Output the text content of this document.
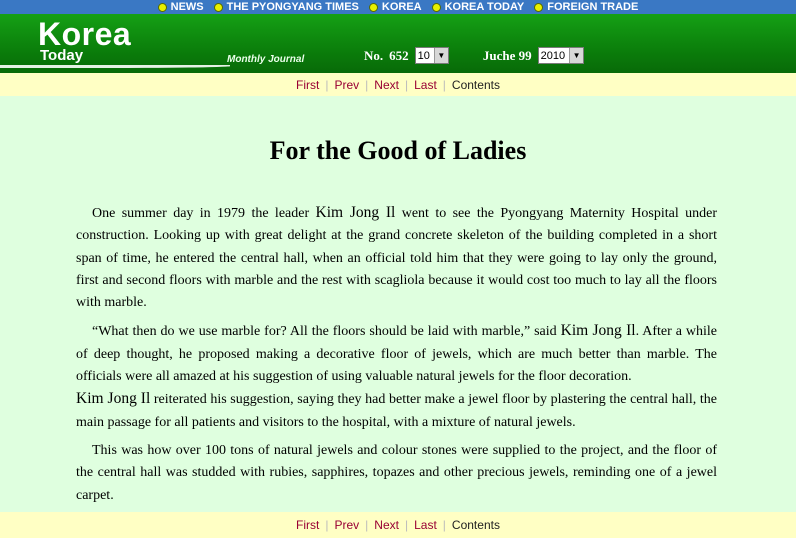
NEWS THE PYONGYANG TIMES KOREA KOREA TODAY FOREIGN TRADE
Korea
Today	Monthly Journal	No. 652 10 ▼	Juche 99 2010 ▼
First | Prev | Next | Last | Contents
For the Good of Ladies

One summer day in 1979 the leader Kim Jong Il went to see the Pyongyang Maternity Hospital under construction. Looking up with great delight at the grand concrete skeleton of the building completed in a short span of time, he entered the central hall, when an official told him that they were going to lay only the ground, first and second floors with marble and the rest with scagliola because it would cost too much to lay all the floors with marble.

“What then do we use marble for? All the floors should be laid with marble,” said Kim Jong Il. After a while of deep thought, he proposed making a decorative floor of jewels, which are much better than marble. The officials were all amazed at his suggestion of using valuable natural jewels for the floor decoration.
Kim Jong Il reiterated his suggestion, saying they had better make a jewel floor by plastering the central hall, the main passage for all patients and visitors to the hospital, with a mixture of natural jewels.

This was how over 100 tons of natural jewels and colour stones were supplied to the project, and the floor of the central hall was studded with rubies, sapphires, topazes and other precious jewels, reminding one of a jewel carpet.

First | Prev | Next | Last | Contents
